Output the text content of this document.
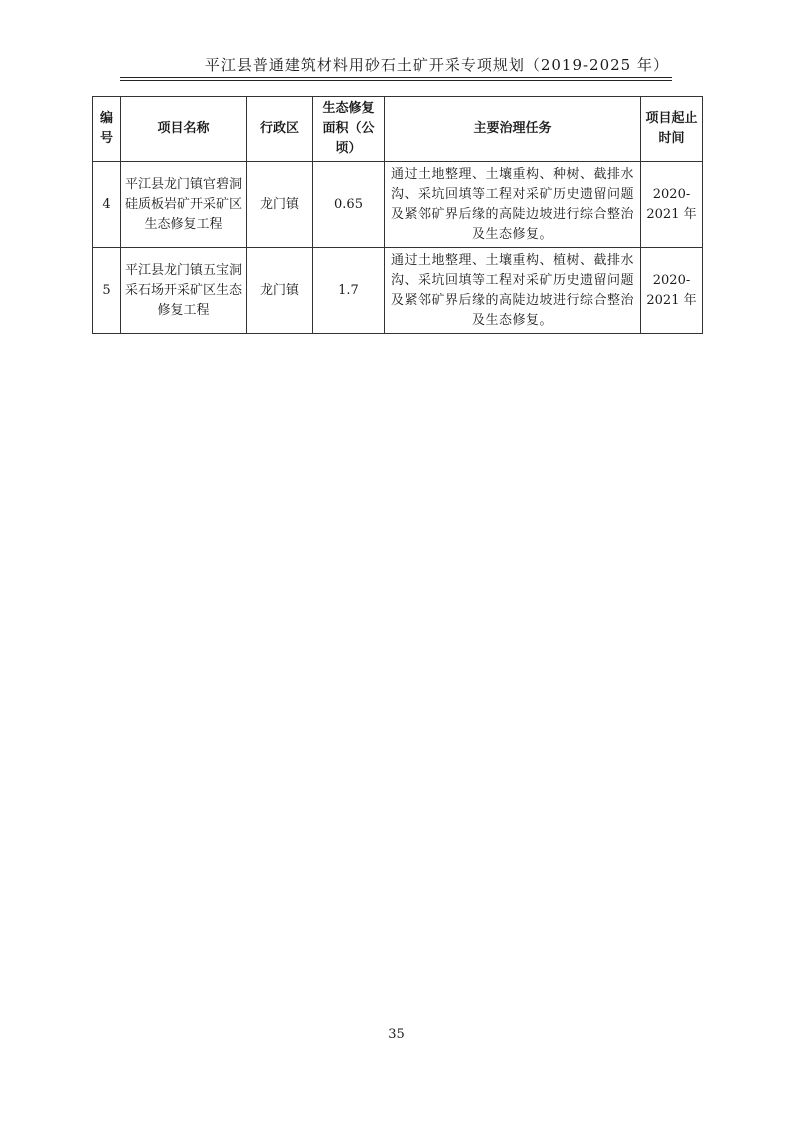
平江县普通建筑材料用砂石土矿开采专项规划（2019-2025 年）
编号	项目名称	行政区	生态修复面积（公顷）	主要治理任务	项目起止时间
4	平江县龙门镇官碧洞硅质板岩矿开采矿区生态修复工程	龙门镇	0.65	通过土地整理、土壤重构、种树、截排水沟、采坑回填等工程对采矿历史遗留问题及紧邻矿界后缘的高陡边坡进行综合整治及生态修复。	2020-2021 年
5	平江县龙门镇五宝洞采石场开采矿区生态修复工程	龙门镇	1.7	通过土地整理、土壤重构、植树、截排水沟、采坑回填等工程对采矿历史遗留问题及紧邻矿界后缘的高陡边坡进行综合整治及生态修复。	2020-2021 年
35
